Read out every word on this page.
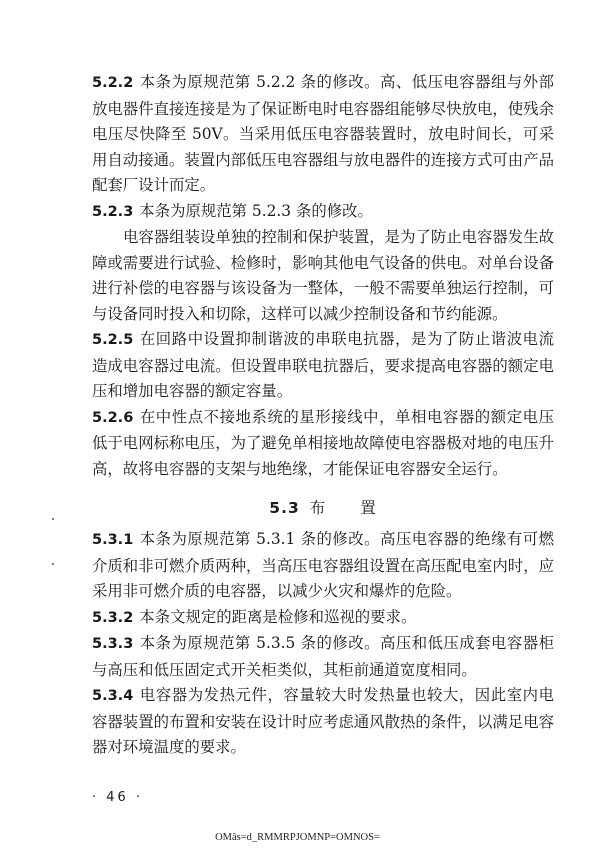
5.2.2 本条为原规范第 5.2.2 条的修改。高、低压电容器组与外部放电器件直接连接是为了保证断电时电容器组能够尽快放电，使残余电压尽快降至 50V。当采用低压电容器装置时，放电时间长，可采用自动接通。装置内部低压电容器组与放电器件的连接方式可由产品配套厂设计而定。

5.2.3 本条为原规范第 5.2.3 条的修改。

电容器组装设单独的控制和保护装置，是为了防止电容器发生故障或需要进行试验、检修时，影响其他电气设备的供电。对单台设备进行补偿的电容器与该设备为一整体，一般不需要单独运行控制，可与设备同时投入和切除，这样可以减少控制设备和节约能源。

5.2.5 在回路中设置抑制谐波的串联电抗器，是为了防止谐波电流造成电容器过电流。但设置串联电抗器后，要求提高电容器的额定电压和增加电容器的额定容量。

5.2.6 在中性点不接地系统的星形接线中，单相电容器的额定电压低于电网标称电压，为了避免单相接地故障使电容器极对地的电压升高，故将电容器的支架与地绝缘，才能保证电容器安全运行。

5.3 布 置

5.3.1 本条为原规范第 5.3.1 条的修改。高压电容器的绝缘有可燃介质和非可燃介质两种，当高压电容器组设置在高压配电室内时，应采用非可燃介质的电容器，以减少火灾和爆炸的危险。

5.3.2 本条文规定的距离是检修和巡视的要求。

5.3.3 本条为原规范第 5.3.5 条的修改。高压和低压成套电容器柜与高压和低压固定式开关柜类似，其柜前通道宽度相同。

5.3.4 电容器为发热元件，容量较大时发热量也较大，因此室内电容器装置的布置和安装在设计时应考虑通风散热的条件，以满足电容器对环境温度的要求。

· 46 ·
OMâs=d_RMMRPJOMNP=OMNOS=
